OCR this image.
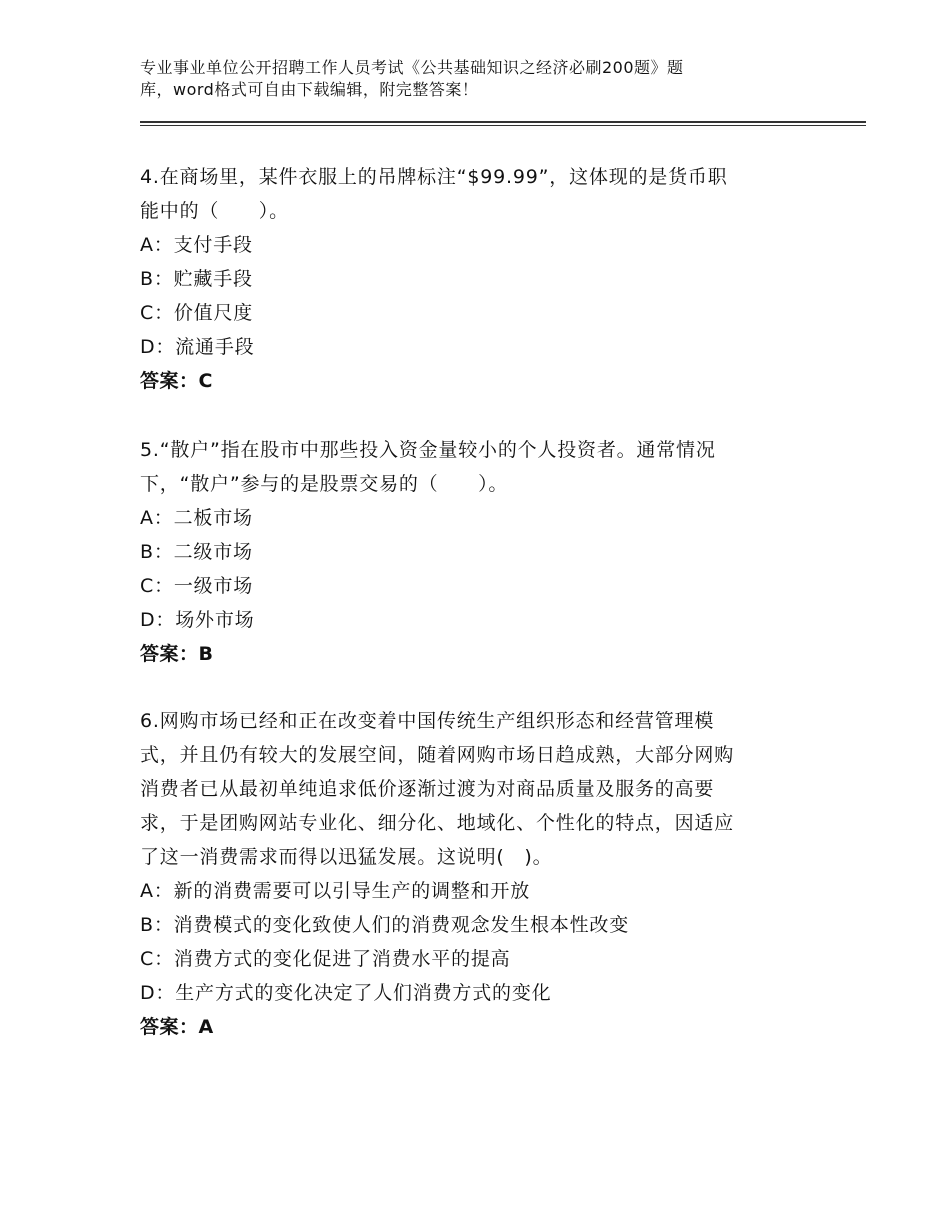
专业事业单位公开招聘工作人员考试《公共基础知识之经济必刷200题》题
库，word格式可自由下载编辑，附完整答案！
4.在商场里，某件衣服上的吊牌标注“$99.99”，这体现的是货币职
能中的（　　）。
A：支付手段
B：贮藏手段
C：价值尺度
D：流通手段
答案：C
5.“散户”指在股市中那些投入资金量较小的个人投资者。通常情况
下，“散户”参与的是股票交易的（　　）。
A：二板市场
B：二级市场
C：一级市场
D：场外市场
答案：B
6.网购市场已经和正在改变着中国传统生产组织形态和经营管理模
式，并且仍有较大的发展空间，随着网购市场日趋成熟，大部分网购
消费者已从最初单纯追求低价逐渐过渡为对商品质量及服务的高要
求，于是团购网站专业化、细分化、地域化、个性化的特点，因适应
了这一消费需求而得以迅猛发展。这说明(　)。
A：新的消费需要可以引导生产的调整和开放
B：消费模式的变化致使人们的消费观念发生根本性改变
C：消费方式的变化促进了消费水平的提高
D：生产方式的变化决定了人们消费方式的变化
答案：A
